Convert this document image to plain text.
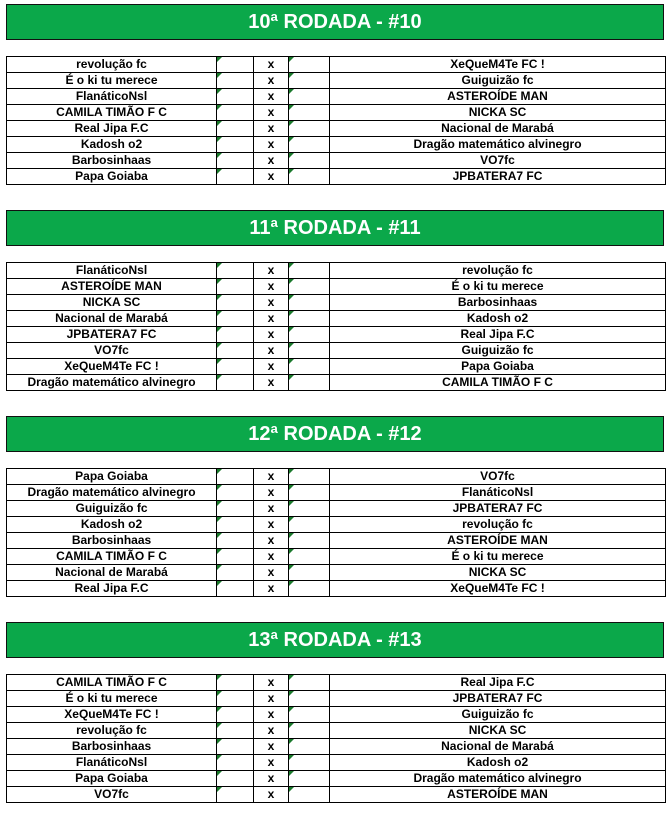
10ª RODADA - #10
revolução fc		x		XeQueM4Te FC !
É o ki tu merece		x		Guiguizão fc
FlanáticoNsl		x		ASTEROÍDE MAN
CAMILA TIMÃO F C		x		NICKA SC
Real Jipa F.C		x		Nacional de Marabá
Kadosh o2		x		Dragão matemático alvinegro
Barbosinhaas		x		VO7fc
Papa Goiaba		x		JPBATERA7 FC
11ª RODADA - #11
FlanáticoNsl		x		revolução fc
ASTEROÍDE MAN		x		É o ki tu merece
NICKA SC		x		Barbosinhaas
Nacional de Marabá		x		Kadosh o2
JPBATERA7 FC		x		Real Jipa F.C
VO7fc		x		Guiguizão fc
XeQueM4Te FC !		x		Papa Goiaba
Dragão matemático alvinegro		x		CAMILA TIMÃO F C
12ª RODADA - #12
Papa Goiaba		x		VO7fc
Dragão matemático alvinegro		x		FlanáticoNsl
Guiguizão fc		x		JPBATERA7 FC
Kadosh o2		x		revolução fc
Barbosinhaas		x		ASTEROÍDE MAN
CAMILA TIMÃO F C		x		É o ki tu merece
Nacional de Marabá		x		NICKA SC
Real Jipa F.C		x		XeQueM4Te FC !
13ª RODADA - #13
CAMILA TIMÃO F C		x		Real Jipa F.C
É o ki tu merece		x		JPBATERA7 FC
XeQueM4Te FC !		x		Guiguizão fc
revolução fc		x		NICKA SC
Barbosinhaas		x		Nacional de Marabá
FlanáticoNsl		x		Kadosh o2
Papa Goiaba		x		Dragão matemático alvinegro
VO7fc		x		ASTEROÍDE MAN
